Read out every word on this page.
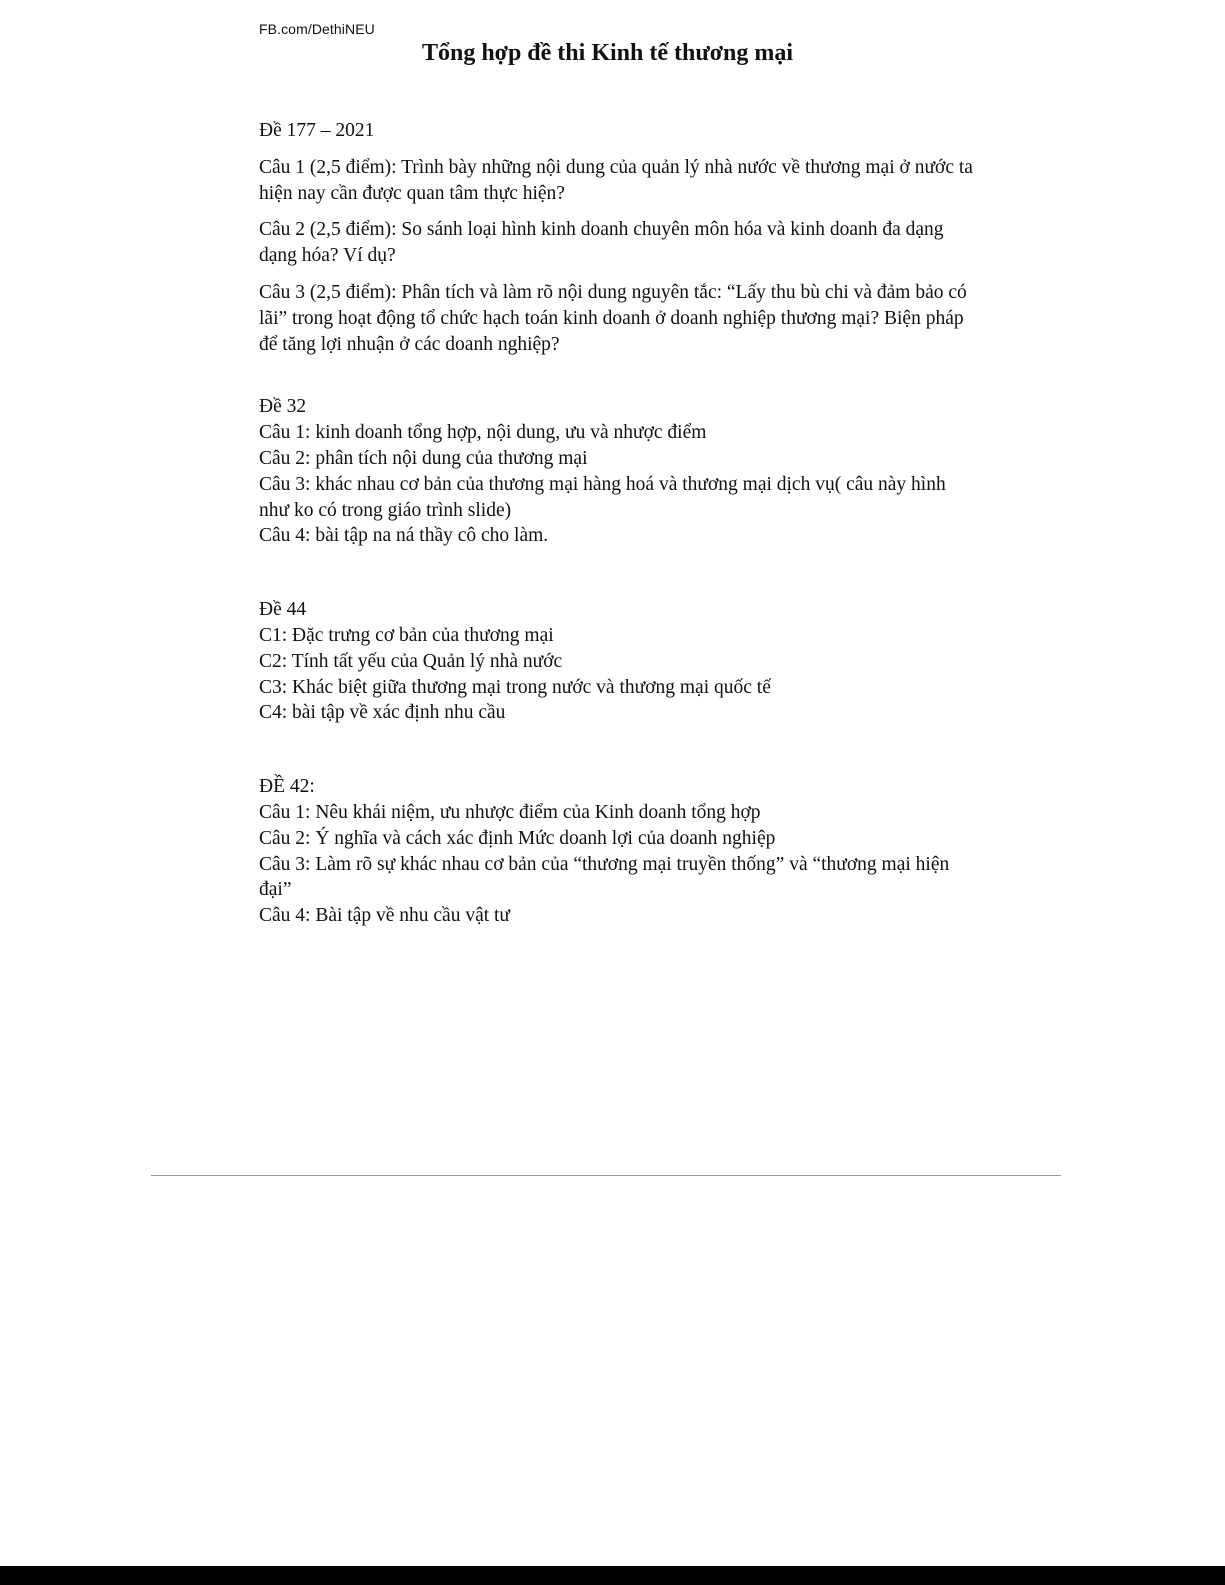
FB.com/DethiNEU
Tổng hợp đề thi Kinh tế thương mại

Đề 177 – 2021

Câu 1 (2,5 điểm): Trình bày những nội dung của quản lý nhà nước về thương mại ở nước ta hiện nay cần được quan tâm thực hiện?
Câu 2 (2,5 điểm): So sánh loại hình kinh doanh chuyên môn hóa và kinh doanh đa dạng dạng hóa? Ví dụ?
Câu 3 (2,5 điểm): Phân tích và làm rõ nội dung nguyên tắc: “Lấy thu bù chi và đảm bảo có lãi” trong hoạt động tổ chức hạch toán kinh doanh ở doanh nghiệp thương mại? Biện pháp để tăng lợi nhuận ở các doanh nghiệp?

Đề 32

Câu 1: kinh doanh tổng hợp, nội dung, ưu và nhược điểm
Câu 2: phân tích nội dung của thương mại
Câu 3: khác nhau cơ bản của thương mại hàng hoá và thương mại dịch vụ( câu này hình như ko có trong giáo trình slide)
Câu 4: bài tập na ná thầy cô cho làm.

Đề 44

C1: Đặc trưng cơ bản của thương mại
C2: Tính tất yếu của Quản lý nhà nước
C3: Khác biệt giữa thương mại trong nước và thương mại quốc tế
C4: bài tập về xác định nhu cầu

ĐỀ 42:

Câu 1: Nêu khái niệm, ưu nhược điểm của Kinh doanh tổng hợp
Câu 2: Ý nghĩa và cách xác định Mức doanh lợi của doanh nghiệp
Câu 3: Làm rõ sự khác nhau cơ bản của “thương mại truyền thống” và “thương mại hiện đại”
Câu 4: Bài tập về nhu cầu vật tư
